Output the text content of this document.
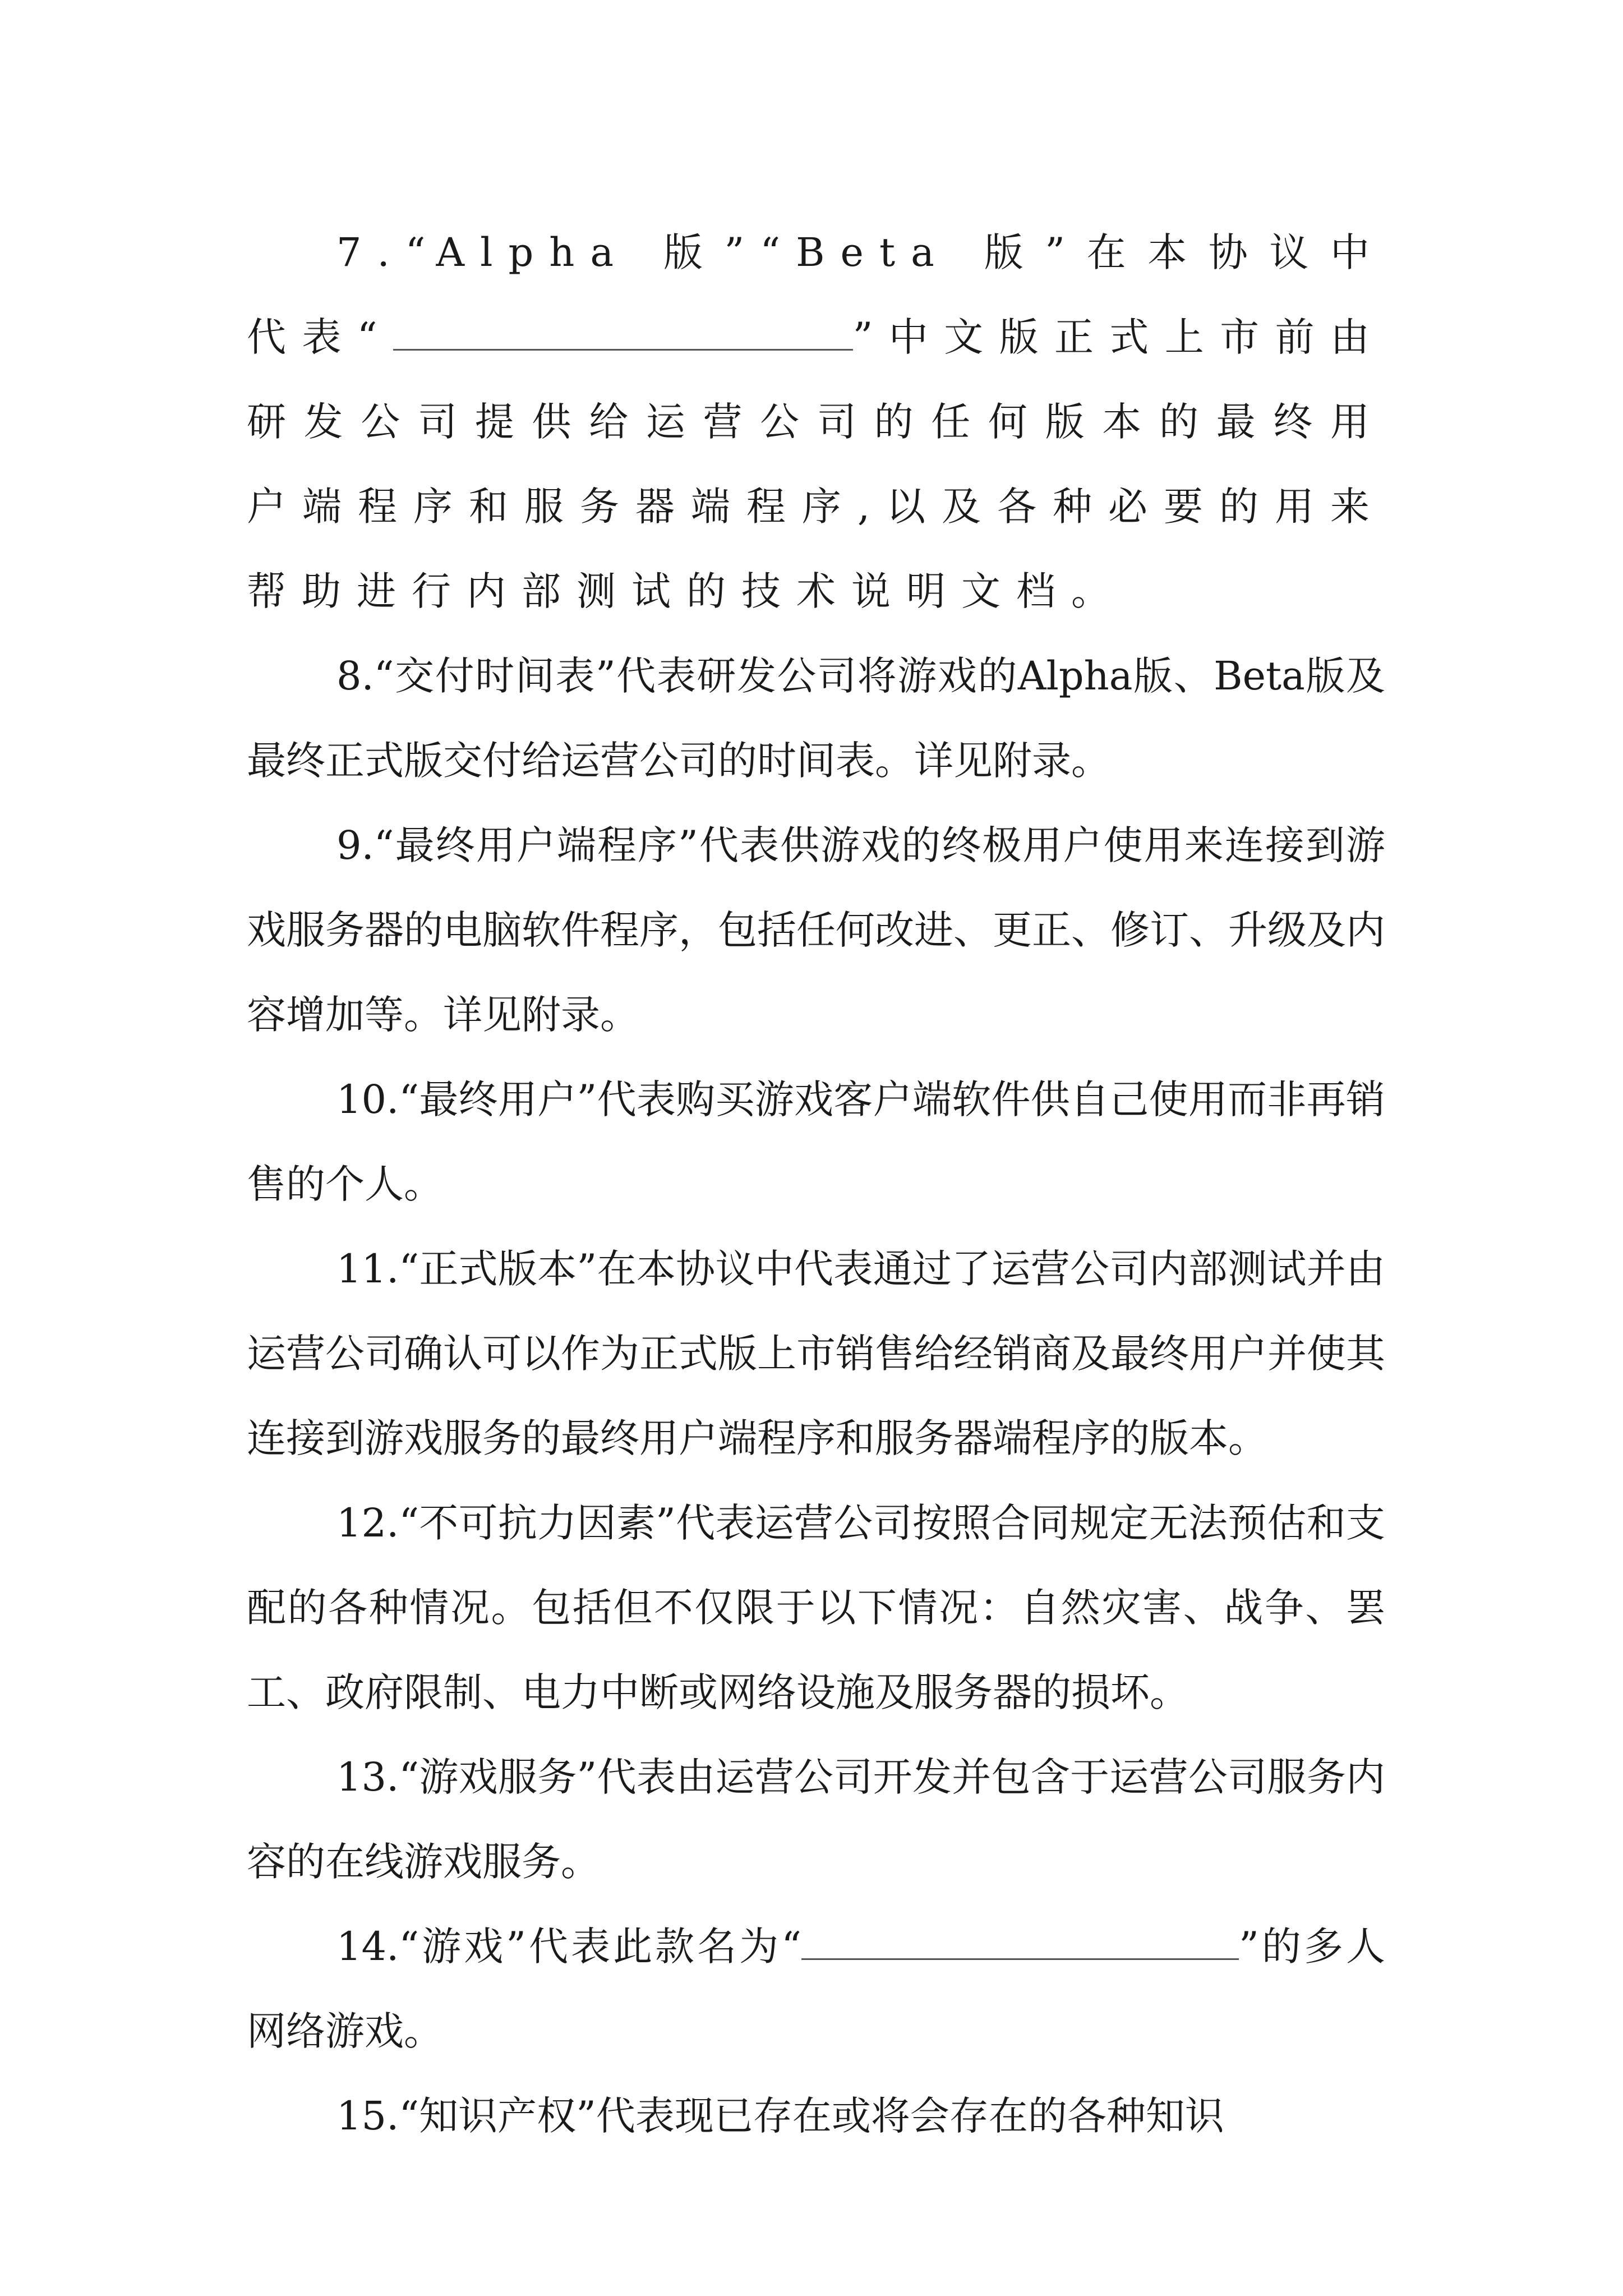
7.“Alpha 版”“Beta 版”在本协议中代表“	”中文版正式上市前由研发公司提供给运营公司的任何版本的最终用户端程序和服务器端程序,以及各种必要的用来帮助进行内部测试的技术说明文档。

8.“交付时间表”代表研发公司将游戏的Alpha版、Beta版及最终正式版交付给运营公司的时间表。详见附录。

9.“最终用户端程序”代表供游戏的终极用户使用来连接到游戏服务器的电脑软件程序，包括任何改进、更正、修订、升级及内容增加等。详见附录。

10.“最终用户”代表购买游戏客户端软件供自己使用而非再销售的个人。

11.“正式版本”在本协议中代表通过了运营公司内部测试并由运营公司确认可以作为正式版上市销售给经销商及最终用户并使其连接到游戏服务的最终用户端程序和服务器端程序的版本。

12.“不可抗力因素”代表运营公司按照合同规定无法预估和支配的各种情况。包括但不仅限于以下情况：自然灾害、战争、罢工、政府限制、电力中断或网络设施及服务器的损坏。

13.“游戏服务”代表由运营公司开发并包含于运营公司服务内容的在线游戏服务。

14.“游戏”代表此款名为“	”的多人网络游戏。

15.“知识产权”代表现已存在或将会存在的各种知识
